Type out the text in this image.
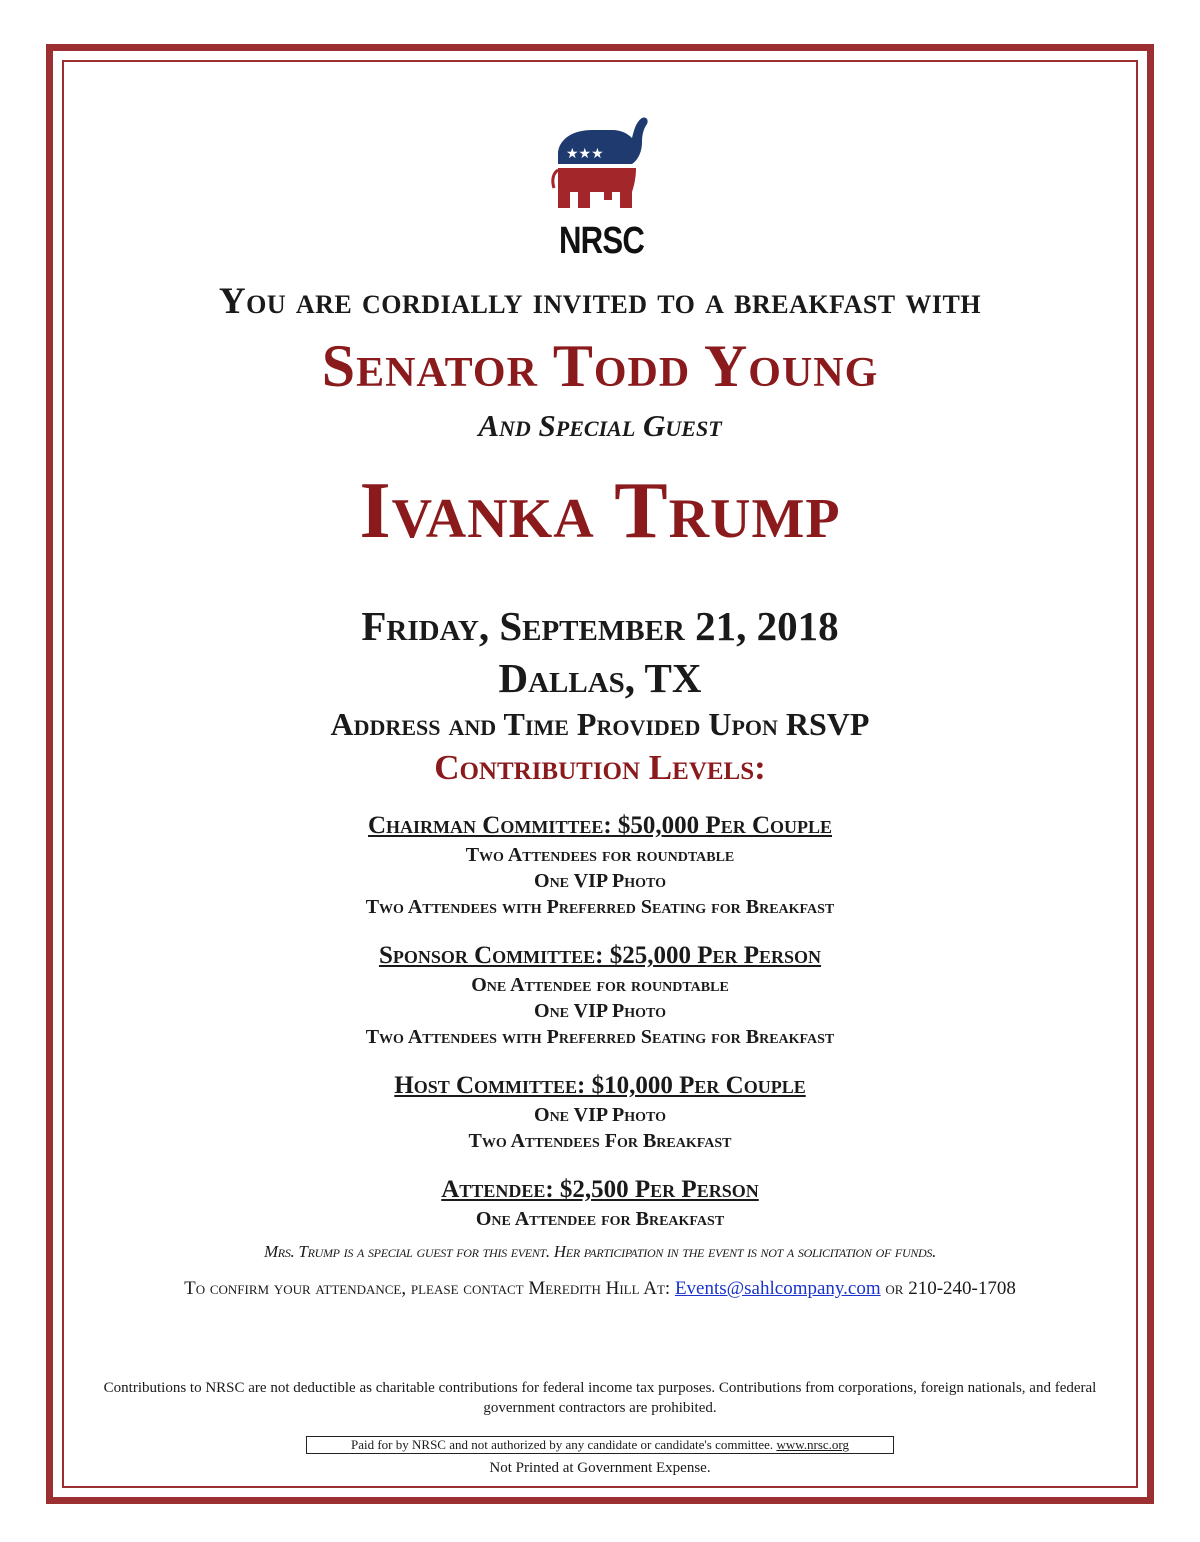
★★★
NRSC
You are cordially invited to a breakfast with
Senator Todd Young
And Special Guest
Ivanka Trump
Friday, September 21, 2018
Dallas, TX
Address and Time Provided Upon RSVP
Contribution Levels:
Chairman Committee: $50,000 Per Couple
Two Attendees for roundtable
One VIP Photo
Two Attendees with Preferred Seating for Breakfast
Sponsor Committee: $25,000 Per Person
One Attendee for roundtable
One VIP Photo
Two Attendees with Preferred Seating for Breakfast
Host Committee: $10,000 Per Couple
One VIP Photo
Two Attendees For Breakfast
Attendee: $2,500 Per Person
One Attendee for Breakfast
Mrs. Trump is a special guest for this event. Her participation in the event is not a solicitation of funds.
To confirm your attendance, please contact Meredith Hill At: Events@sahlcompany.com or 210-240-1708
Contributions to NRSC are not deductible as charitable contributions for federal income tax purposes. Contributions from corporations, foreign nationals, and federal government contractors are prohibited.
Paid for by NRSC and not authorized by any candidate or candidate's committee. www.nrsc.org
Not Printed at Government Expense.
